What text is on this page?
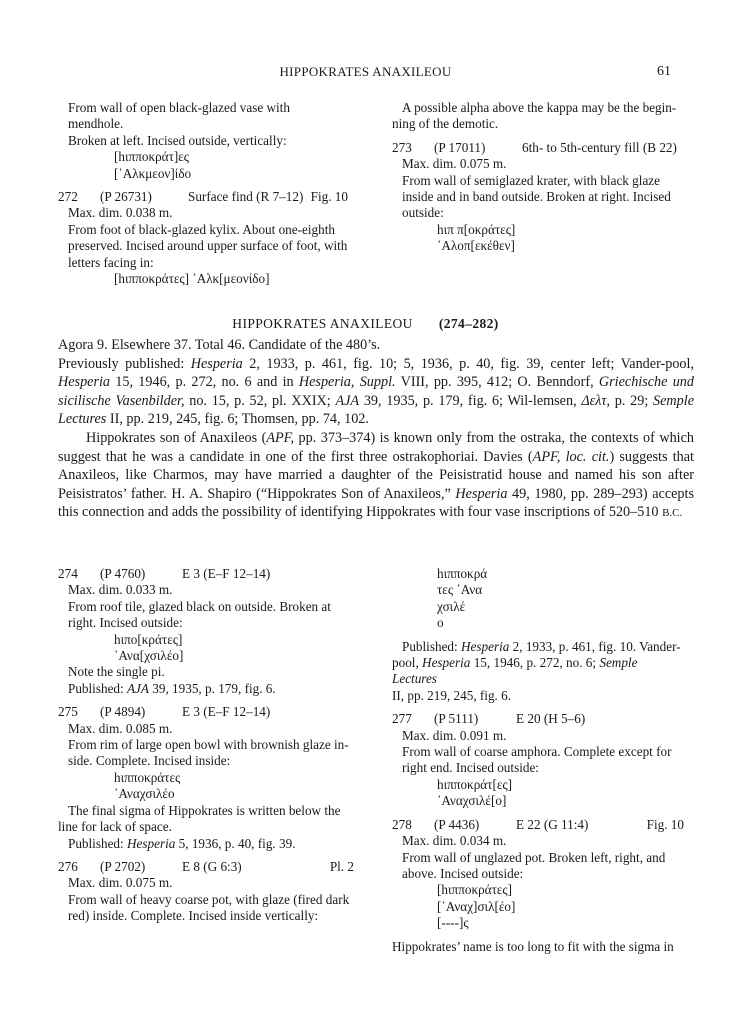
HIPPOKRATES ANAXILEOU	61

From wall of open black-glazed vase with mendhole.

Broken at left. Incised outside, vertically:

[hιπποκράτ]ες

[᾿Αλκμεον]ίδο

272	(P 26731)	Surface find (R 7–12) Fig. 10

Max. dim. 0.038 m.

From foot of black-glazed kylix. About one-eighth

preserved. Incised around upper surface of foot, with

letters facing in:

[hιπποκράτες] ᾿Αλκ[μεονίδο]

A possible alpha above the kappa may be the begin-

ning of the demotic.

273	(P 17011)	6th- to 5th-century fill (B 22)

Max. dim. 0.075 m.

From wall of semiglazed krater, with black glaze

inside and in band outside. Broken at right. Incised

outside:

hιπ π[οκράτες]

᾿Αλοπ[εκέθεν]

HIPPOKRATES ANAXILEOU (274–282)

Agora 9. Elsewhere 37. Total 46. Candidate of the 480’s.

Previously published: Hesperia 2, 1933, p. 461, fig. 10; 5, 1936, p. 40, fig. 39, center left; Vander-pool, Hesperia 15, 1946, p. 272, no. 6 and in Hesperia, Suppl. VIII, pp. 395, 412; O. Benndorf, Griechische und sicilische Vasenbilder, no. 15, p. 52, pl. XXIX; AJA 39, 1935, p. 179, fig. 6; Wil-lemsen, Δελτ, p. 29; Semple Lectures II, pp. 219, 245, fig. 6; Thomsen, pp. 74, 102.

Hippokrates son of Anaxileos (APF, pp. 373–374) is known only from the ostraka, the contexts of which suggest that he was a candidate in one of the first three ostrakophoriai. Davies (APF, loc. cit.) suggests that Anaxileos, like Charmos, may have married a daughter of the Peisistratid house and named his son after Peisistratos’ father. H. A. Shapiro (“Hippokrates Son of Anaxileos,” Hesperia 49, 1980, pp. 289–293) accepts this connection and adds the possibility of identifying Hippokrates with four vase inscriptions of 520–510 B.C.

274	(P 4760)	E 3 (E–F 12–14)

Max. dim. 0.033 m.

From roof tile, glazed black on outside. Broken at

right. Incised outside:

hιπο[κράτες]

᾿Ανα[χσιλέο]

Note the single pi.

Published: AJA 39, 1935, p. 179, fig. 6.

275	(P 4894)	E 3 (E–F 12–14)

Max. dim. 0.085 m.

From rim of large open bowl with brownish glaze in-

side. Complete. Incised inside:

hιπποκράτες

᾿Αναχσιλέο

The final sigma of Hippokrates is written below the

line for lack of space.

Published: Hesperia 5, 1936, p. 40, fig. 39.

276	(P 2702)	E 8 (G 6:3)	Pl. 2

Max. dim. 0.075 m.

From wall of heavy coarse pot, with glaze (fired dark

red) inside. Complete. Incised inside vertically:

hιπποκρά

τες ᾿Ανα

χσιλέ

ο

Published: Hesperia 2, 1933, p. 461, fig. 10. Vander-

pool, Hesperia 15, 1946, p. 272, no. 6; Semple Lectures

II, pp. 219, 245, fig. 6.

277	(P 5111)	E 20 (H 5–6)

Max. dim. 0.091 m.

From wall of coarse amphora. Complete except for

right end. Incised outside:

hιπποκράτ[ες]

᾿Αναχσιλέ[ο]

278	(P 4436)	E 22 (G 11:4)	Fig. 10

Max. dim. 0.034 m.

From wall of unglazed pot. Broken left, right, and

above. Incised outside:

[hιπποκράτες]

[᾿Αναχ]σιλ[έο]

[----]ς

Hippokrates’ name is too long to fit with the sigma in
